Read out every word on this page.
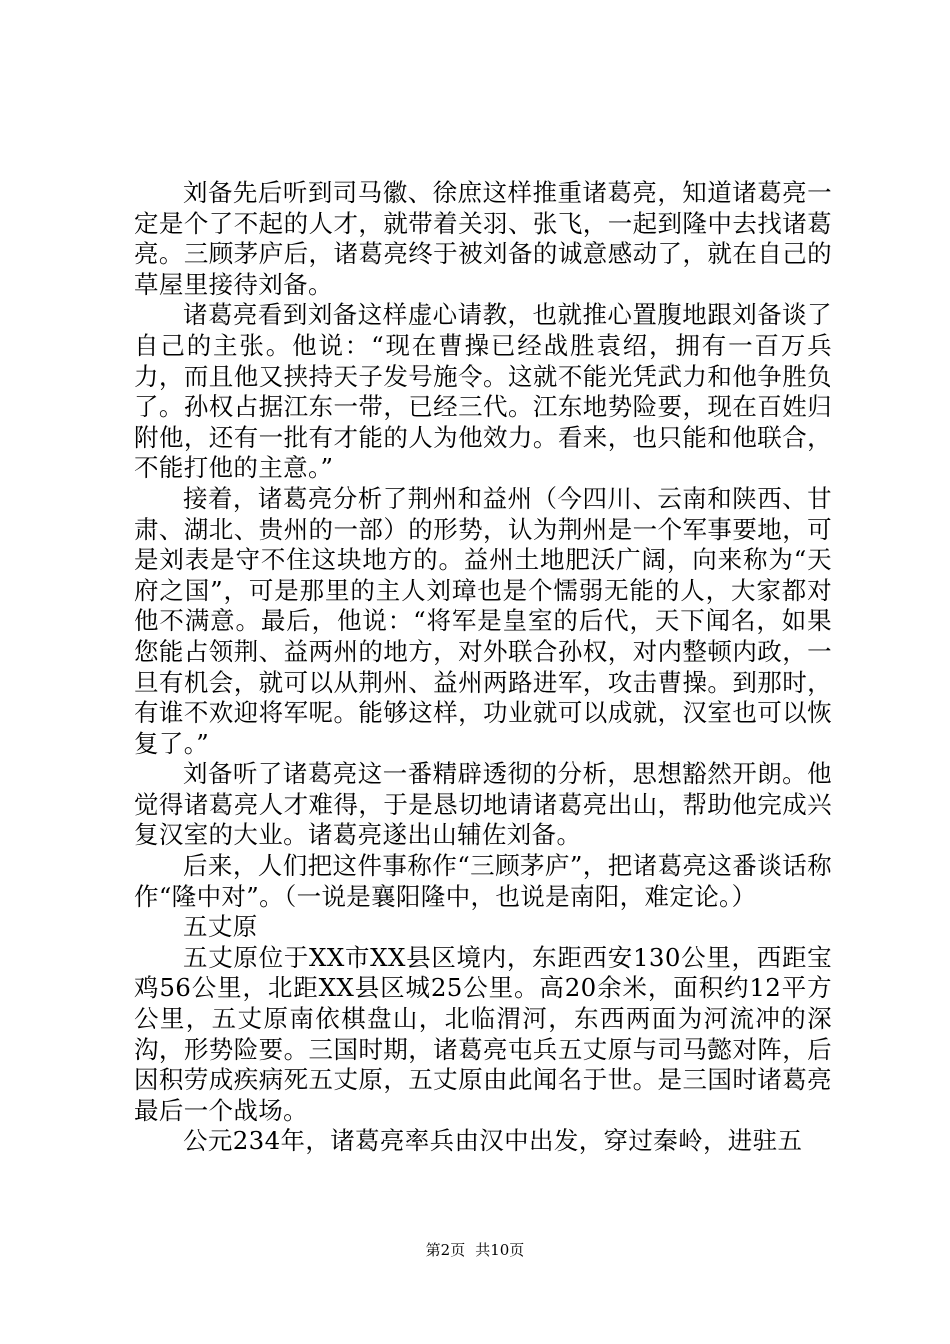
刘备先后听到司马徽、徐庶这样推重诸葛亮，知道诸葛亮一定是个了不起的人才，就带着关羽、张飞，一起到隆中去找诸葛亮。三顾茅庐后，诸葛亮终于被刘备的诚意感动了，就在自己的草屋里接待刘备。

诸葛亮看到刘备这样虚心请教，也就推心置腹地跟刘备谈了自己的主张。他说：“现在曹操已经战胜袁绍，拥有一百万兵力，而且他又挟持天子发号施令。这就不能光凭武力和他争胜负了。孙权占据江东一带，已经三代。江东地势险要，现在百姓归附他，还有一批有才能的人为他效力。看来，也只能和他联合，不能打他的主意。”

接着，诸葛亮分析了荆州和益州（今四川、云南和陕西、甘肃、湖北、贵州的一部）的形势，认为荆州是一个军事要地，可是刘表是守不住这块地方的。益州土地肥沃广阔，向来称为“天府之国”，可是那里的主人刘璋也是个懦弱无能的人，大家都对他不满意。最后，他说：“将军是皇室的后代，天下闻名，如果您能占领荆、益两州的地方，对外联合孙权，对内整顿内政，一旦有机会，就可以从荆州、益州两路进军，攻击曹操。到那时，有谁不欢迎将军呢。能够这样，功业就可以成就，汉室也可以恢复了。”

刘备听了诸葛亮这一番精辟透彻的分析，思想豁然开朗。他觉得诸葛亮人才难得，于是恳切地请诸葛亮出山，帮助他完成兴复汉室的大业。诸葛亮遂出山辅佐刘备。

后来，人们把这件事称作“三顾茅庐”，把诸葛亮这番谈话称作“隆中对”。（一说是襄阳隆中，也说是南阳，难定论。）

五丈原

五丈原位于XX市XX县区境内，东距西安130公里，西距宝鸡56公里，北距XX县区城25公里。高20余米，面积约12平方公里，五丈原南依棋盘山，北临渭河，东西两面为河流冲的深沟，形势险要。三国时期，诸葛亮屯兵五丈原与司马懿对阵，后因积劳成疾病死五丈原，五丈原由此闻名于世。是三国时诸葛亮最后一个战场。

公元234年，诸葛亮率兵由汉中出发，穿过秦岭，进驻五

第2页 共10页
